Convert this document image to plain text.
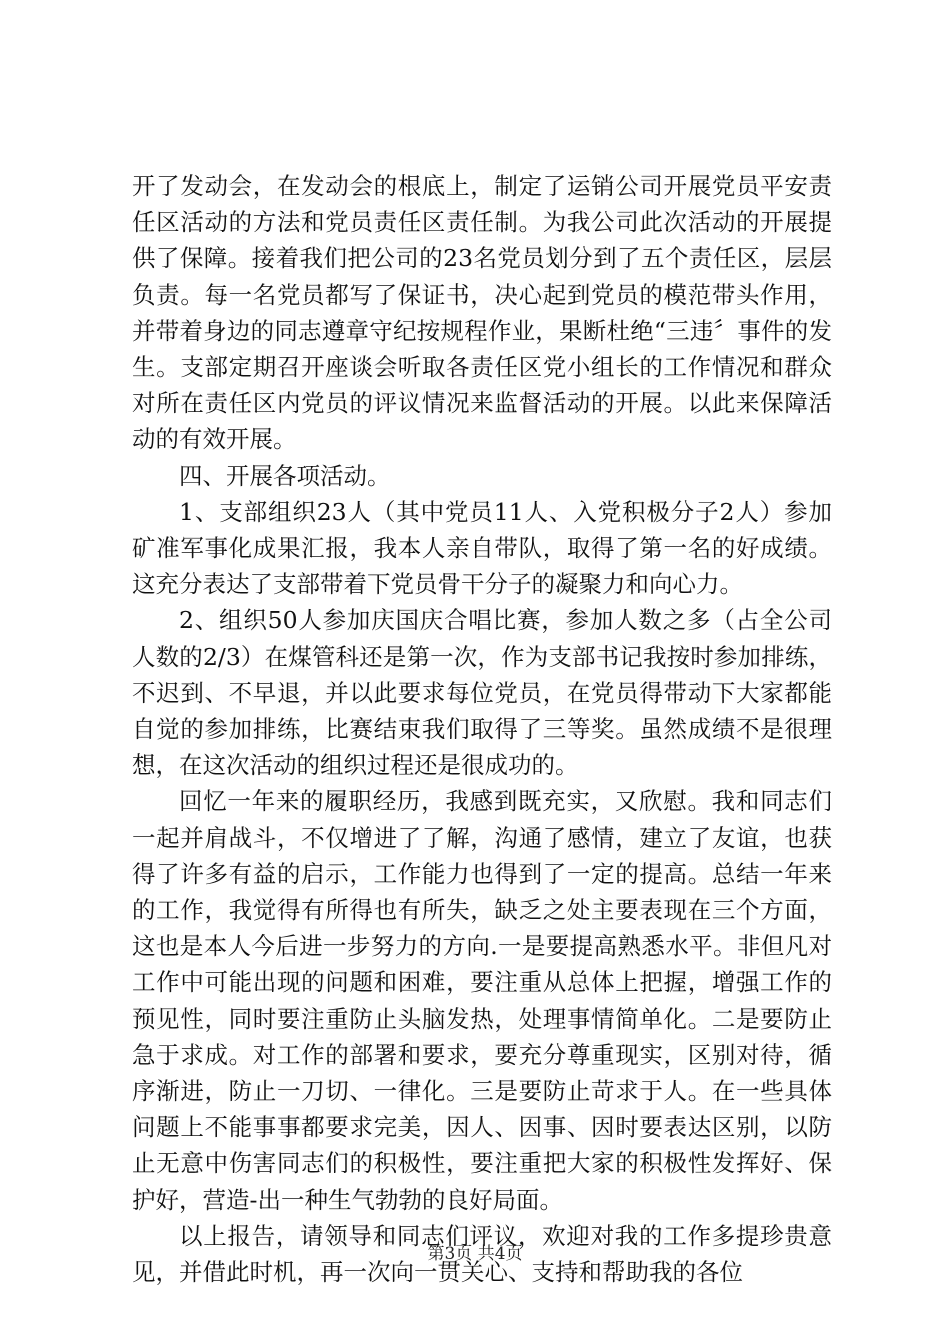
开了发动会，在发动会的根底上，制定了运销公司开展党员平安责任区活动的方法和党员责任区责任制。为我公司此次活动的开展提供了保障。接着我们把公司的23名党员划分到了五个责任区，层层负责。每一名党员都写了保证书，决心起到党员的模范带头作用，并带着身边的同志遵章守纪按规程作业，果断杜绝“三违〞事件的发生。支部定期召开座谈会听取各责任区党小组长的工作情况和群众对所在责任区内党员的评议情况来监督活动的开展。以此来保障活动的有效开展。

四、开展各项活动。

1、支部组织23人（其中党员11人、入党积极分子2人）参加矿准军事化成果汇报，我本人亲自带队，取得了第一名的好成绩。这充分表达了支部带着下党员骨干分子的凝聚力和向心力。

2、组织50人参加庆国庆合唱比赛，参加人数之多（占全公司人数的2/3）在煤管科还是第一次，作为支部书记我按时参加排练，不迟到、不早退，并以此要求每位党员，在党员得带动下大家都能自觉的参加排练，比赛结束我们取得了三等奖。虽然成绩不是很理想，在这次活动的组织过程还是很成功的。

回忆一年来的履职经历，我感到既充实，又欣慰。我和同志们一起并肩战斗，不仅增进了了解，沟通了感情，建立了友谊，也获得了许多有益的启示，工作能力也得到了一定的提高。总结一年来的工作，我觉得有所得也有所失，缺乏之处主要表现在三个方面，这也是本人今后进一步努力的方向.一是要提高熟悉水平。非但凡对工作中可能出现的问题和困难，要注重从总体上把握，增强工作的预见性，同时要注重防止头脑发热，处理事情简单化。二是要防止急于求成。对工作的部署和要求，要充分尊重现实，区别对待，循序渐进，防止一刀切、一律化。三是要防止苛求于人。在一些具体问题上不能事事都要求完美，因人、因事、因时要表达区别，以防止无意中伤害同志们的积极性，要注重把大家的积极性发挥好、保护好，营造-出一种生气勃勃的良好局面。

以上报告，请领导和同志们评议，欢迎对我的工作多提珍贵意见，并借此时机，再一次向一贯关心、支持和帮助我的各位

第3页 共4页
